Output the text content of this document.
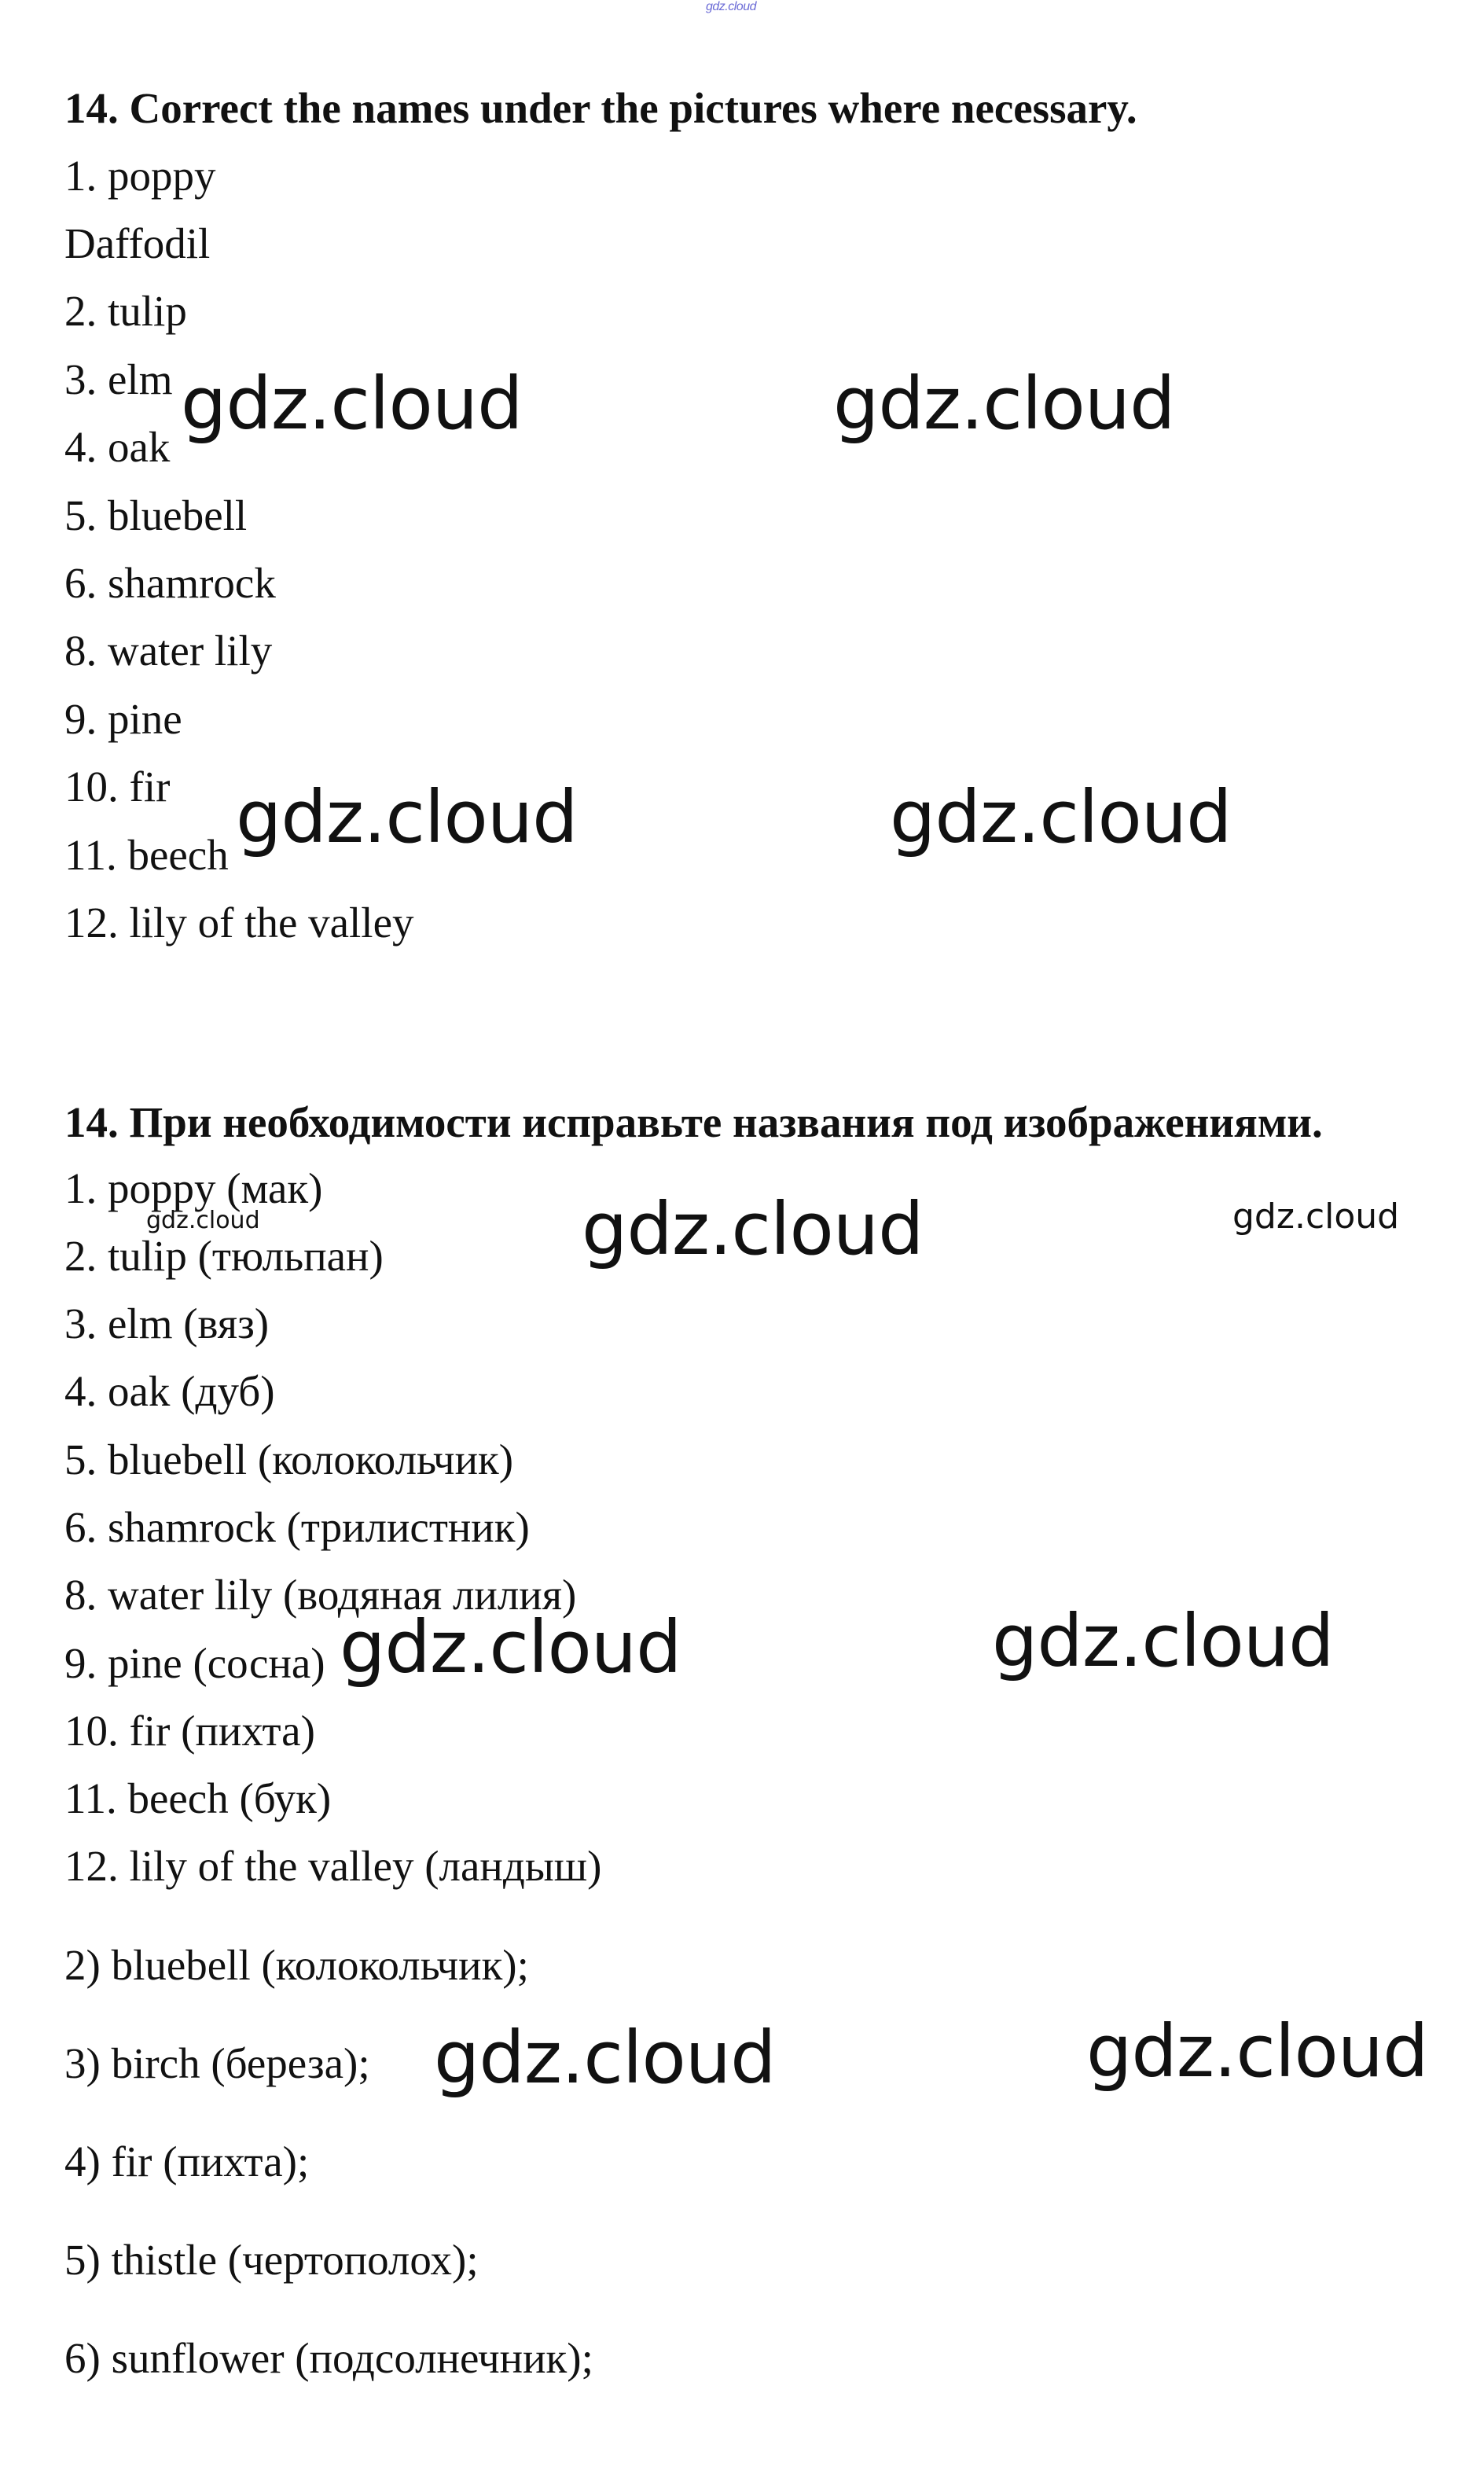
gdz.cloud
14. Correct the names under the pictures where necessary.
1. poppy
Daffodil
2. tulip
3. elm
4. oak
5. bluebell
6. shamrock
8. water lily
9. pine
10. fir
11. beech
12. lily of the valley
14. При необходимости исправьте названия под изображениями.
1. poppy (мак)
2. tulip (тюльпан)
3. elm (вяз)
4. oak (дуб)
5. bluebell (колокольчик)
6. shamrock (трилистник)
8. water lily (водяная лилия)
9. pine (сосна)
10. fir (пихта)
11. beech (бук)
12. lily of the valley (ландыш)
2) bluebell (колокольчик);
3) birch (береза);
4) fir (пихта);
5) thistle (чертополох);
6) sunflower (подсолнечник);
gdz.cloud	gdz.cloud
gdz.cloud	gdz.cloud
gdz.cloud	gdz.cloud	gdz.cloud
gdz.cloud	gdz.cloud
gdz.cloud	gdz.cloud
